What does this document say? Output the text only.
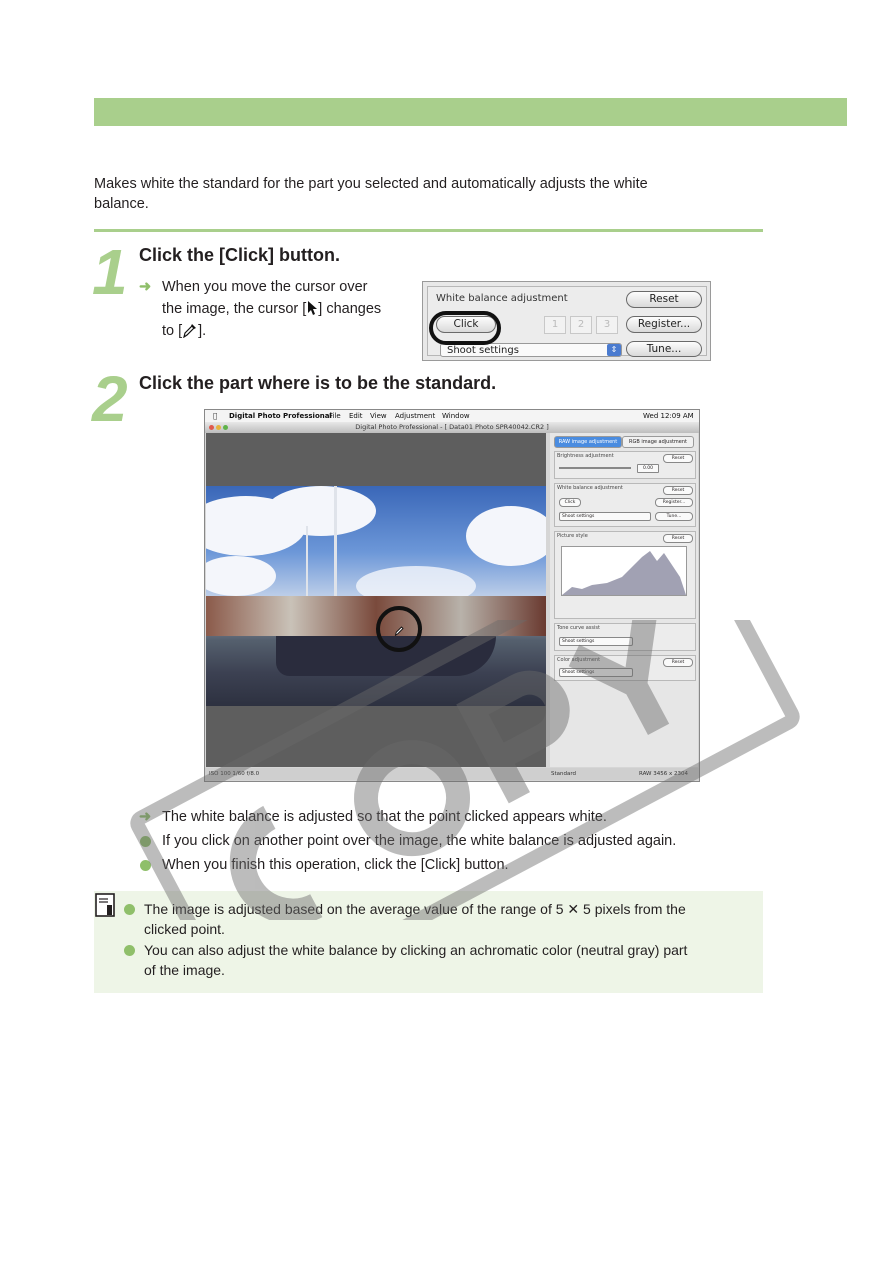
Makes white the standard for the part you selected and automatically adjusts the white
balance.
1 Click the [Click] button.
➜ When you move the cursor over
the image, the cursor [ ] changes
to [ ].
White balance adjustment	Reset
Click	1	2	3	Register...
Shoot settings	⇕	Tune...
2 Click the part where is to be the standard.
Digital Photo Professional
File Edit View Adjustment Window	Wed 12:09 AM
Digital Photo Professional - [ Data01 Photo SPR40042.CR2 ]
RAW image adjustment	RGB image adjustment
Brightness adjustment	Reset
0.00
White balance adjustment	Reset
Click	Register...
Shoot settings	Tune...
Picture style	Reset
Tone curve assist
Shoot settings
Color adjustment	Reset
Shoot settings
ISO 100 1/60 f/8.0	Standard	RAW 3456 x 2304
➜ The white balance is adjusted so that the point clicked appears white.
If you click on another point over the image, the white balance is adjusted again.
When you finish this operation, click the [Click] button.
The image is adjusted based on the average value of the range of 5 ✕ 5 pixels from the
clicked point.
You can also adjust the white balance by clicking an achromatic color (neutral gray) part
of the image.
